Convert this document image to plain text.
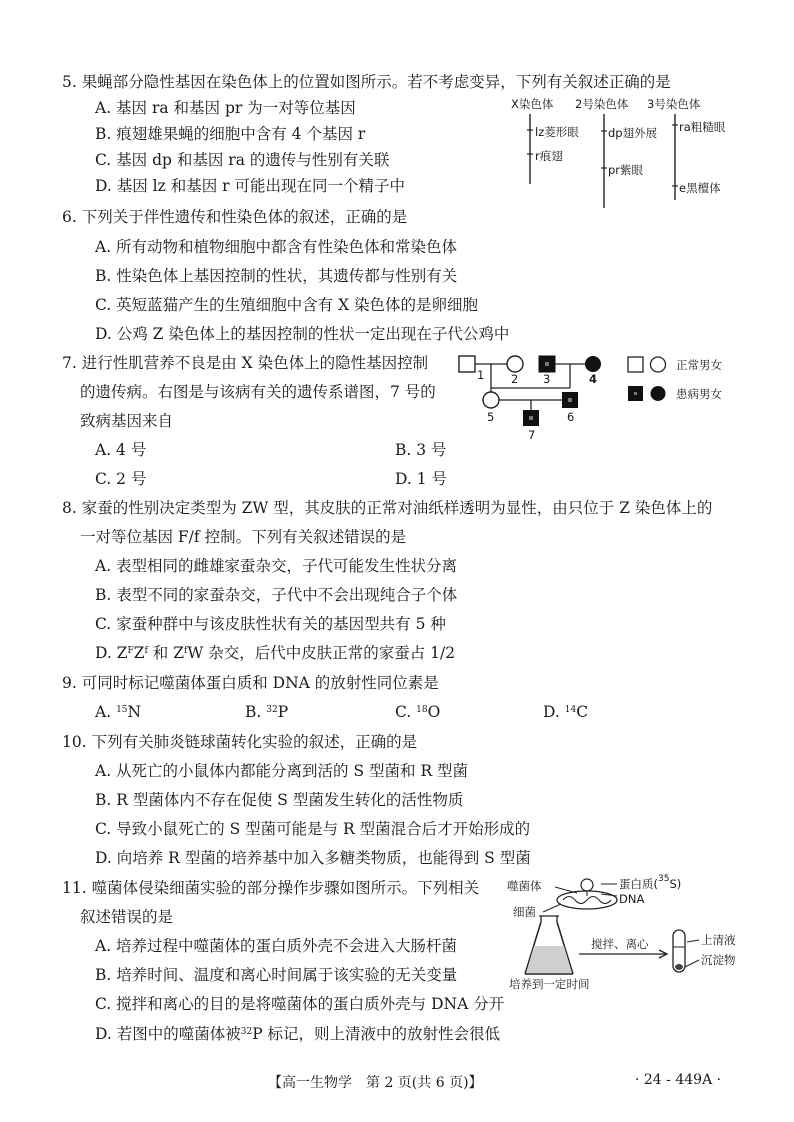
5. 果蝇部分隐性基因在染色体上的位置如图所示。若不考虑变异，下列有关叙述正确的是
A. 基因 ra 和基因 pr 为一对等位基因
B. 痕翅雄果蝇的细胞中含有 4 个基因 r
C. 基因 dp 和基因 ra 的遗传与性别有关联
D. 基因 lz 和基因 r 可能出现在同一个精子中
X染色体 2号染色体 3号染色体
lz菱形眼
r痕翅
dp翅外展
pr紫眼
ra粗糙眼
e黑檀体
6. 下列关于伴性遗传和性染色体的叙述，正确的是
A. 所有动物和植物细胞中都含有性染色体和常染色体
B. 性染色体上基因控制的性状，其遗传都与性别有关
C. 英短蓝猫产生的生殖细胞中含有 X 染色体的是卵细胞
D. 公鸡 Z 染色体上的基因控制的性状一定出现在子代公鸡中
7. 进行性肌营养不良是由 X 染色体上的隐性基因控制
的遗传病。右图是与该病有关的遗传系谱图，7 号的
致病基因来自
A. 4 号	B. 3 号
C. 2 号	D. 1 号
1 2 3	4
5	6
7
正常男女
患病男女
8. 家蚕的性别决定类型为 ZW 型，其皮肤的正常对油纸样透明为显性，由只位于 Z 染色体上的
一对等位基因 F/f 控制。下列有关叙述错误的是
A. 表型相同的雌雄家蚕杂交，子代可能发生性状分离
B. 表型不同的家蚕杂交，子代中不会出现纯合子个体
C. 家蚕种群中与该皮肤性状有关的基因型共有 5 种
D. $Z^FZ^f$ 和 $Z^fW$ 杂交，后代中皮肤正常的家蚕占 1/2
9. 可同时标记噬菌体蛋白质和 DNA 的放射性同位素是
A. $^{15}$N	B. $^{32}$P	C. $^{18}$O	D. $^{14}$C
10. 下列有关肺炎链球菌转化实验的叙述，正确的是
A. 从死亡的小鼠体内都能分离到活的 S 型菌和 R 型菌
B. R 型菌体内不存在促使 S 型菌发生转化的活性物质
C. 导致小鼠死亡的 S 型菌可能是与 R 型菌混合后才开始形成的
D. 向培养 R 型菌的培养基中加入多糖类物质，也能得到 S 型菌
11. 噬菌体侵染细菌实验的部分操作步骤如图所示。下列相关
叙述错误的是
A. 培养过程中噬菌体的蛋白质外壳不会进入大肠杆菌
B. 培养时间、温度和离心时间属于该实验的无关变量
C. 搅拌和离心的目的是将噬菌体的蛋白质外壳与 DNA 分开
D. 若图中的噬菌体被$^{32}$P 标记，则上清液中的放射性会很低
噬菌体	蛋白质($^{35}$S)
DNA
细菌
搅拌、离心
培养到一定时间
上清液
沉淀物
【高一生物学　第 2 页(共 6 页)】	· 24 - 449A ·
